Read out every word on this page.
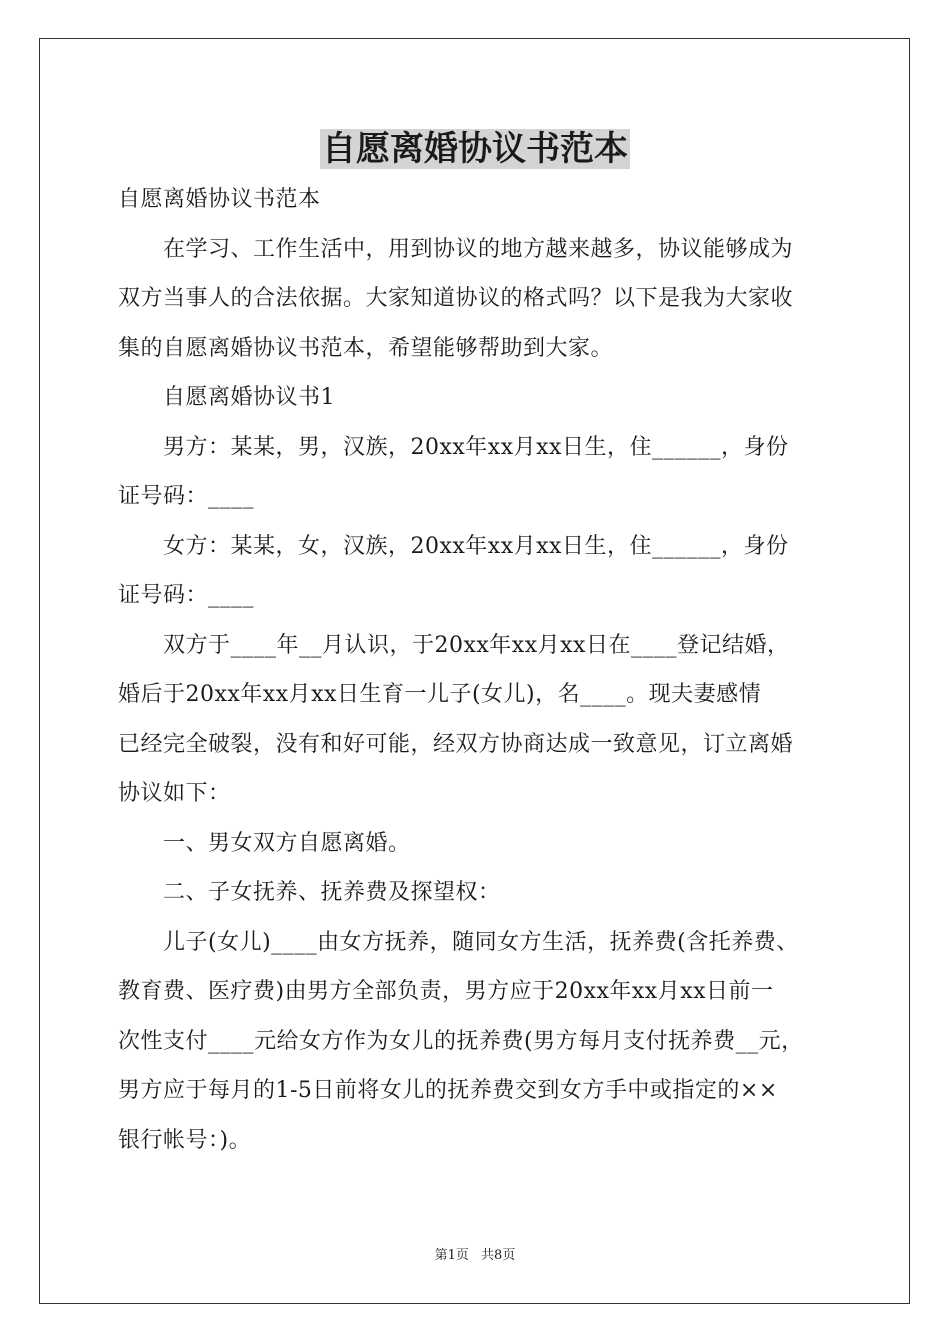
自愿离婚协议书范本

自愿离婚协议书范本

　　在学习、工作生活中，用到协议的地方越来越多，协议能够成为

双方当事人的合法依据。大家知道协议的格式吗？以下是我为大家收

集的自愿离婚协议书范本，希望能够帮助到大家。

　　自愿离婚协议书1

　　男方：某某，男，汉族，20xx年xx月xx日生，住______，身份

证号码：____

　　女方：某某，女，汉族，20xx年xx月xx日生，住______，身份

证号码：____

　　双方于____年__月认识，于20xx年xx月xx日在____登记结婚，

婚后于20xx年xx月xx日生育一儿子(女儿)，名____。现夫妻感情

已经完全破裂，没有和好可能，经双方协商达成一致意见，订立离婚

协议如下：

　　一、男女双方自愿离婚。

　　二、子女抚养、抚养费及探望权：

　　儿子(女儿)____由女方抚养，随同女方生活，抚养费(含托养费、

教育费、医疗费)由男方全部负责，男方应于20xx年xx月xx日前一

次性支付____元给女方作为女儿的抚养费(男方每月支付抚养费__元，

男方应于每月的1-5日前将女儿的抚养费交到女方手中或指定的××

银行帐号：)。

第1页 共8页
